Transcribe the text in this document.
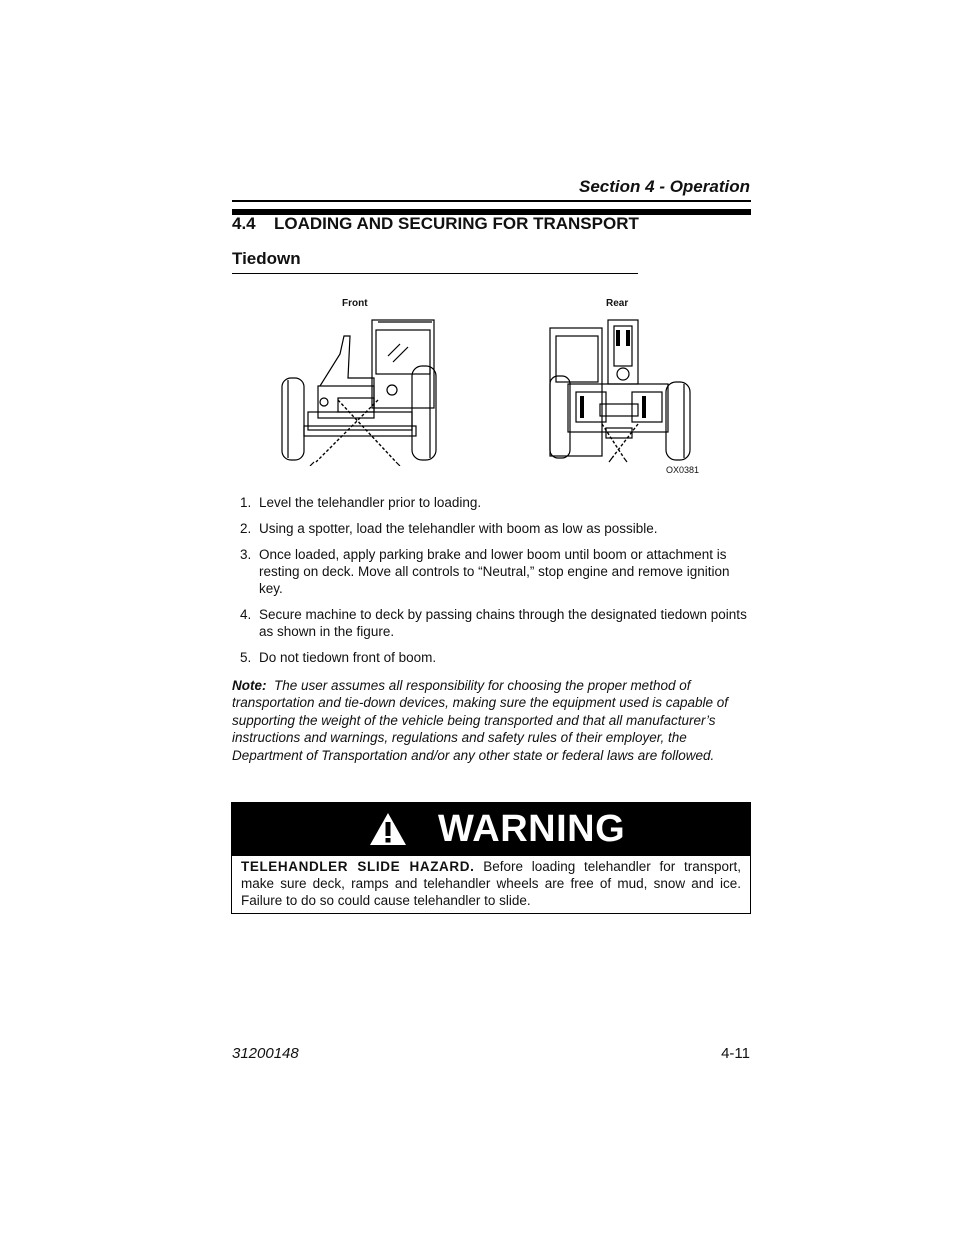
Section 4 - Operation
4.4 LOADING AND SECURING FOR TRANSPORT
Tiedown
Front	Rear
OX0381
1. Level the telehandler prior to loading.
2. Using a spotter, load the telehandler with boom as low as possible.
3. Once loaded, apply parking brake and lower boom until boom or attachment is resting on deck. Move all controls to “Neutral,” stop engine and remove ignition key.
4. Secure machine to deck by passing chains through the designated tiedown points as shown in the figure.
5. Do not tiedown front of boom.
Note: The user assumes all responsibility for choosing the proper method of transportation and tie-down devices, making sure the equipment used is capable of supporting the weight of the vehicle being transported and that all manufacturer’s instructions and warnings, regulations and safety rules of their employer, the Department of Transportation and/or any other state or federal laws are followed.
WARNING
TELEHANDLER SLIDE HAZARD. Before loading telehandler for transport, make sure deck, ramps and telehandler wheels are free of mud, snow and ice. Failure to do so could cause telehandler to slide.
31200148	4-11
